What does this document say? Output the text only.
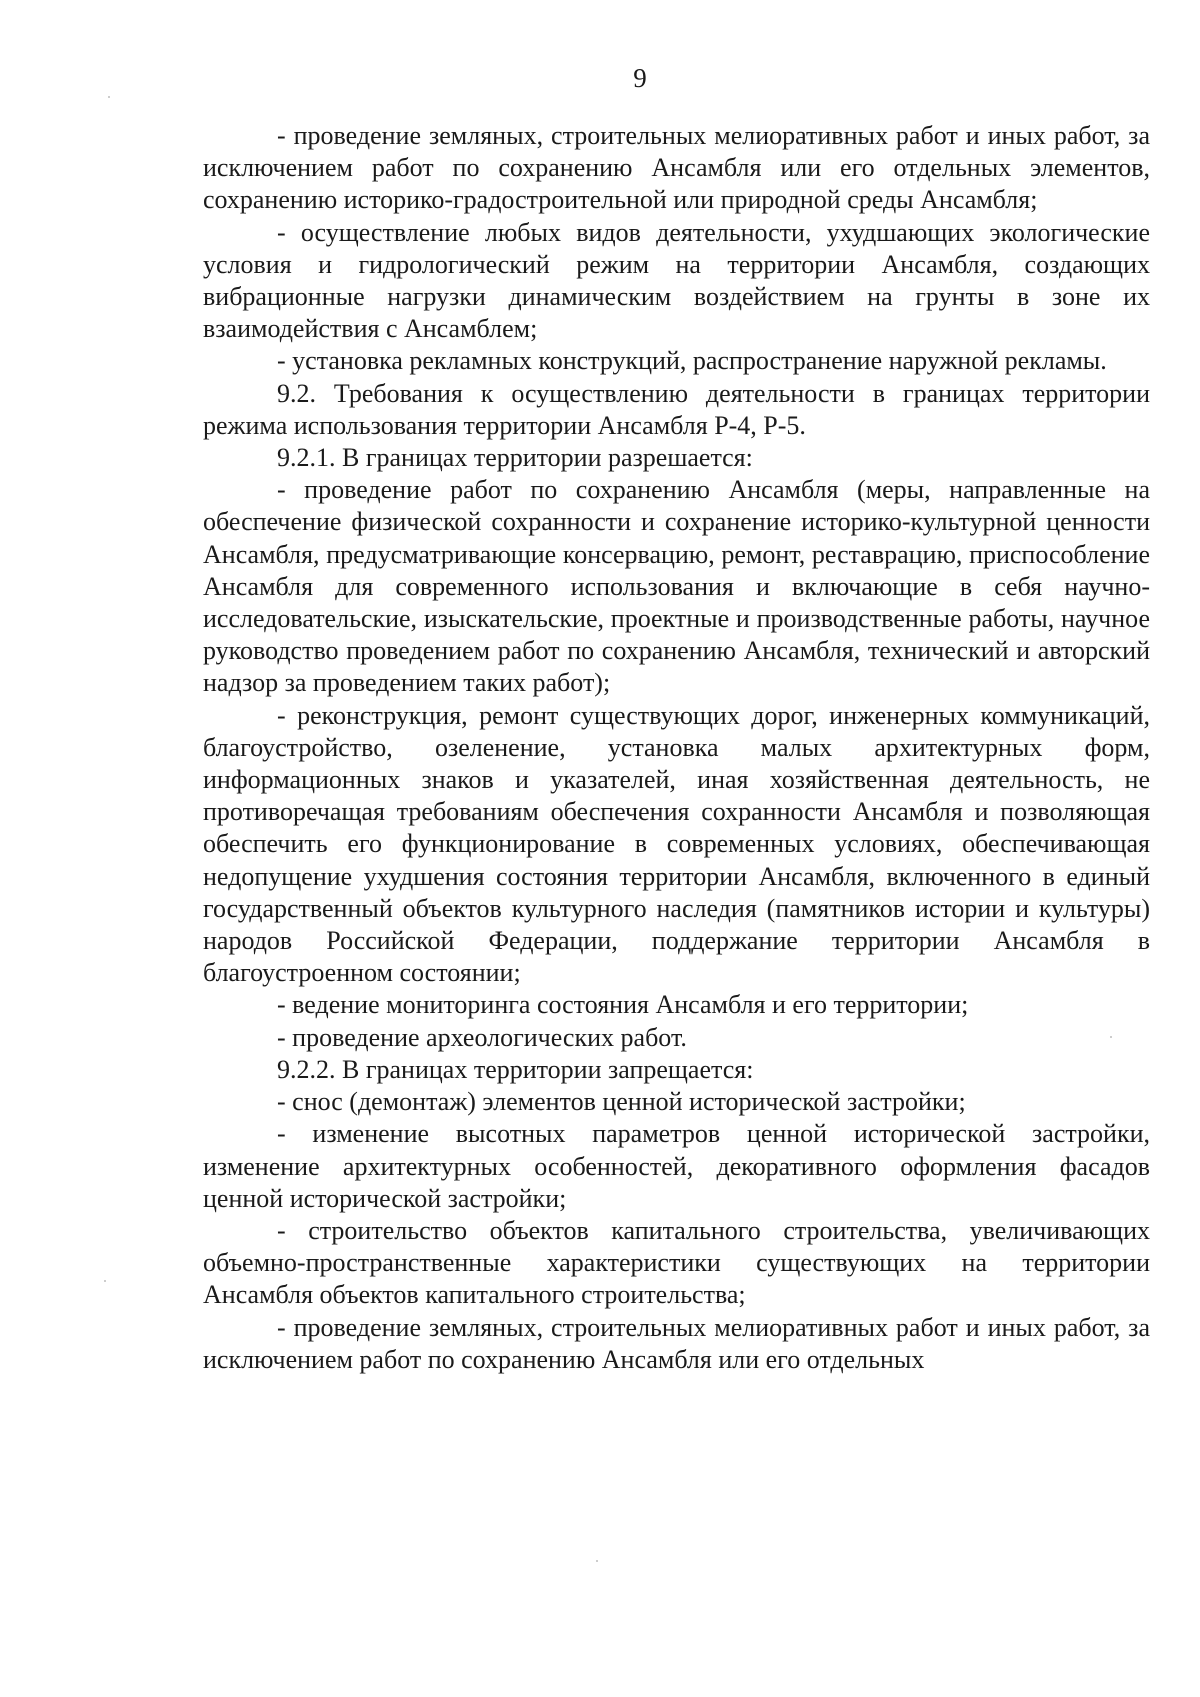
9

- проведение земляных, строительных мелиоративных работ и иных работ, за исключением работ по сохранению Ансамбля или его отдельных элементов, сохранению историко-градостроительной или природной среды Ансамбля;

- осуществление любых видов деятельности, ухудшающих экологические условия и гидрологический режим на территории Ансамбля, создающих вибрационные нагрузки динамическим воздействием на грунты в зоне их взаимодействия с Ансамблем;

- установка рекламных конструкций, распространение наружной рекламы.

9.2. Требования к осуществлению деятельности в границах территории режима использования территории Ансамбля Р-4, Р-5.

9.2.1. В границах территории разрешается:

- проведение работ по сохранению Ансамбля (меры, направленные на обеспечение физической сохранности и сохранение историко-культурной ценности Ансамбля, предусматривающие консервацию, ремонт, реставрацию, приспособление Ансамбля для современного использования и включающие в себя научно-исследовательские, изыскательские, проектные и производственные работы, научное руководство проведением работ по сохранению Ансамбля, технический и авторский надзор за проведением таких работ);

- реконструкция, ремонт существующих дорог, инженерных коммуникаций, благоустройство, озеленение, установка малых архитектурных форм, информационных знаков и указателей, иная хозяйственная деятельность, не противоречащая требованиям обеспечения сохранности Ансамбля и позволяющая обеспечить его функционирование в современных условиях, обеспечивающая недопущение ухудшения состояния территории Ансамбля, включенного в единый государственный объектов культурного наследия (памятников истории и культуры) народов Российской Федерации, поддержание территории Ансамбля в благоустроенном состоянии;

- ведение мониторинга состояния Ансамбля и его территории;

- проведение археологических работ.

9.2.2. В границах территории запрещается:

- снос (демонтаж) элементов ценной исторической застройки;

- изменение высотных параметров ценной исторической застройки, изменение архитектурных особенностей, декоративного оформления фасадов ценной исторической застройки;

- строительство объектов капитального строительства, увеличивающих объемно-пространственные характеристики существующих на территории Ансамбля объектов капитального строительства;

- проведение земляных, строительных мелиоративных работ и иных работ, за исключением работ по сохранению Ансамбля или его отдельных
